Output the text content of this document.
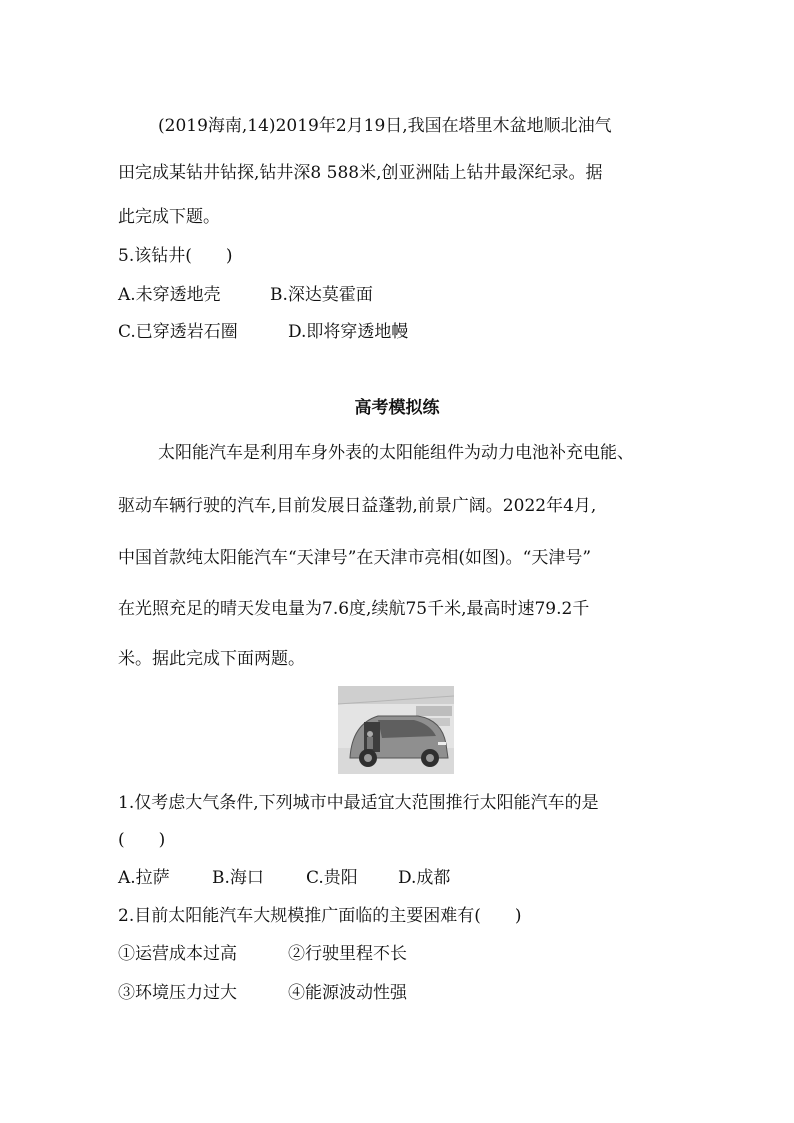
(2019海南,14)2019年2月19日,我国在塔里木盆地顺北油气
田完成某钻井钻探,钻井深8 588米,创亚洲陆上钻井最深纪录。据
此完成下题。
5.该钻井(　　)
A.未穿透地壳	B.深达莫霍面
C.已穿透岩石圈	D.即将穿透地幔
高考模拟练
太阳能汽车是利用车身外表的太阳能组件为动力电池补充电能、
驱动车辆行驶的汽车,目前发展日益蓬勃,前景广阔。2022年4月,
中国首款纯太阳能汽车“天津号”在天津市亮相(如图)。“天津号”
在光照充足的晴天发电量为7.6度,续航75千米,最高时速79.2千
米。据此完成下面两题。
1.仅考虑大气条件,下列城市中最适宜大范围推行太阳能汽车的是
(　　)
A.拉萨 B.海口 C.贵阳 D.成都
2.目前太阳能汽车大规模推广面临的主要困难有(　　)
①运营成本过高	②行驶里程不长
③环境压力过大	④能源波动性强
